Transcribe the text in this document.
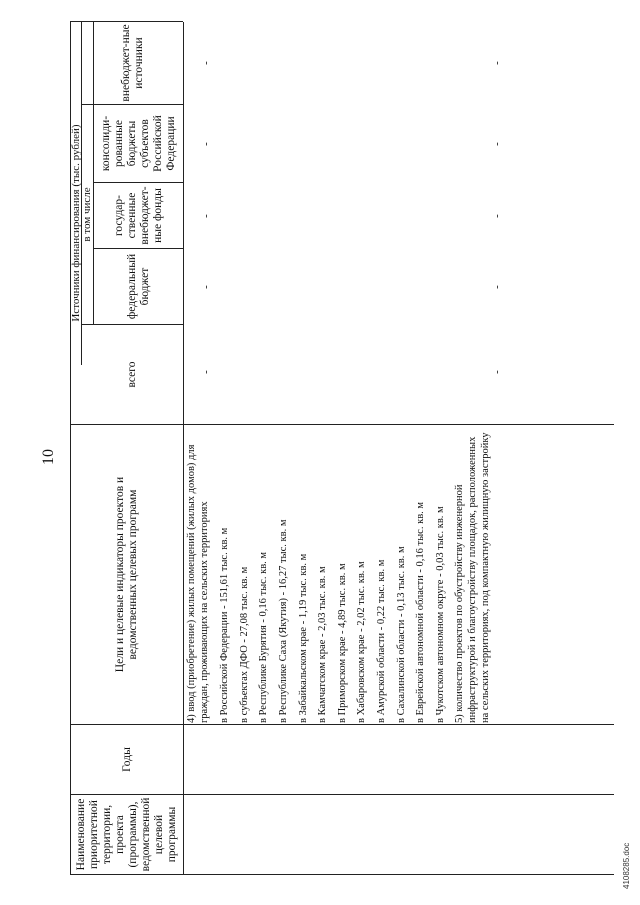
10
Наименование приоритетной территории, проекта (программы), ведомственной целевой программы
Годы
Цели и целевые индикаторы проектов и ведомственных целевых программ
Источники финансирования (тыс. рублей)
всего
в том числе
федеральный бюджет
государ-ственные внебюджет-ные фонды
консолиди-рованные бюджеты субъектов Российской Федерации
внебюджет-ные источники
4) ввод (приобретение) жилых помещений (жилых домов) для граждан, проживающих на сельских территориях в Российской Федерации - 151,61 тыс. кв. м в субъектах ДФО - 27,08 тыс. кв. м в Республике Бурятия - 0,16 тыс. кв. м в Республике Саха (Якутия) - 16,27 тыс. кв. м в Забайкальском крае - 1,19 тыс. кв. м в Камчатском крае - 2,03 тыс. кв. м в Приморском крае - 4,89 тыс. кв. м в Хабаровском крае - 2,02 тыс. кв. м в Амурской области - 0,22 тыс. кв. м в Сахалинской области - 0,13 тыс. кв. м в Еврейской автономной области - 0,16 тыс. кв. м в Чукотском автономном округе - 0,03 тыс. кв. м 5) количество проектов по обустройству инженерной инфраструктурой и благоустройству площадок, расположенных на сельских территориях, под компактную жилищную застройку
-
-
-
-
-
-
-
-
-
-
4108285.doc
